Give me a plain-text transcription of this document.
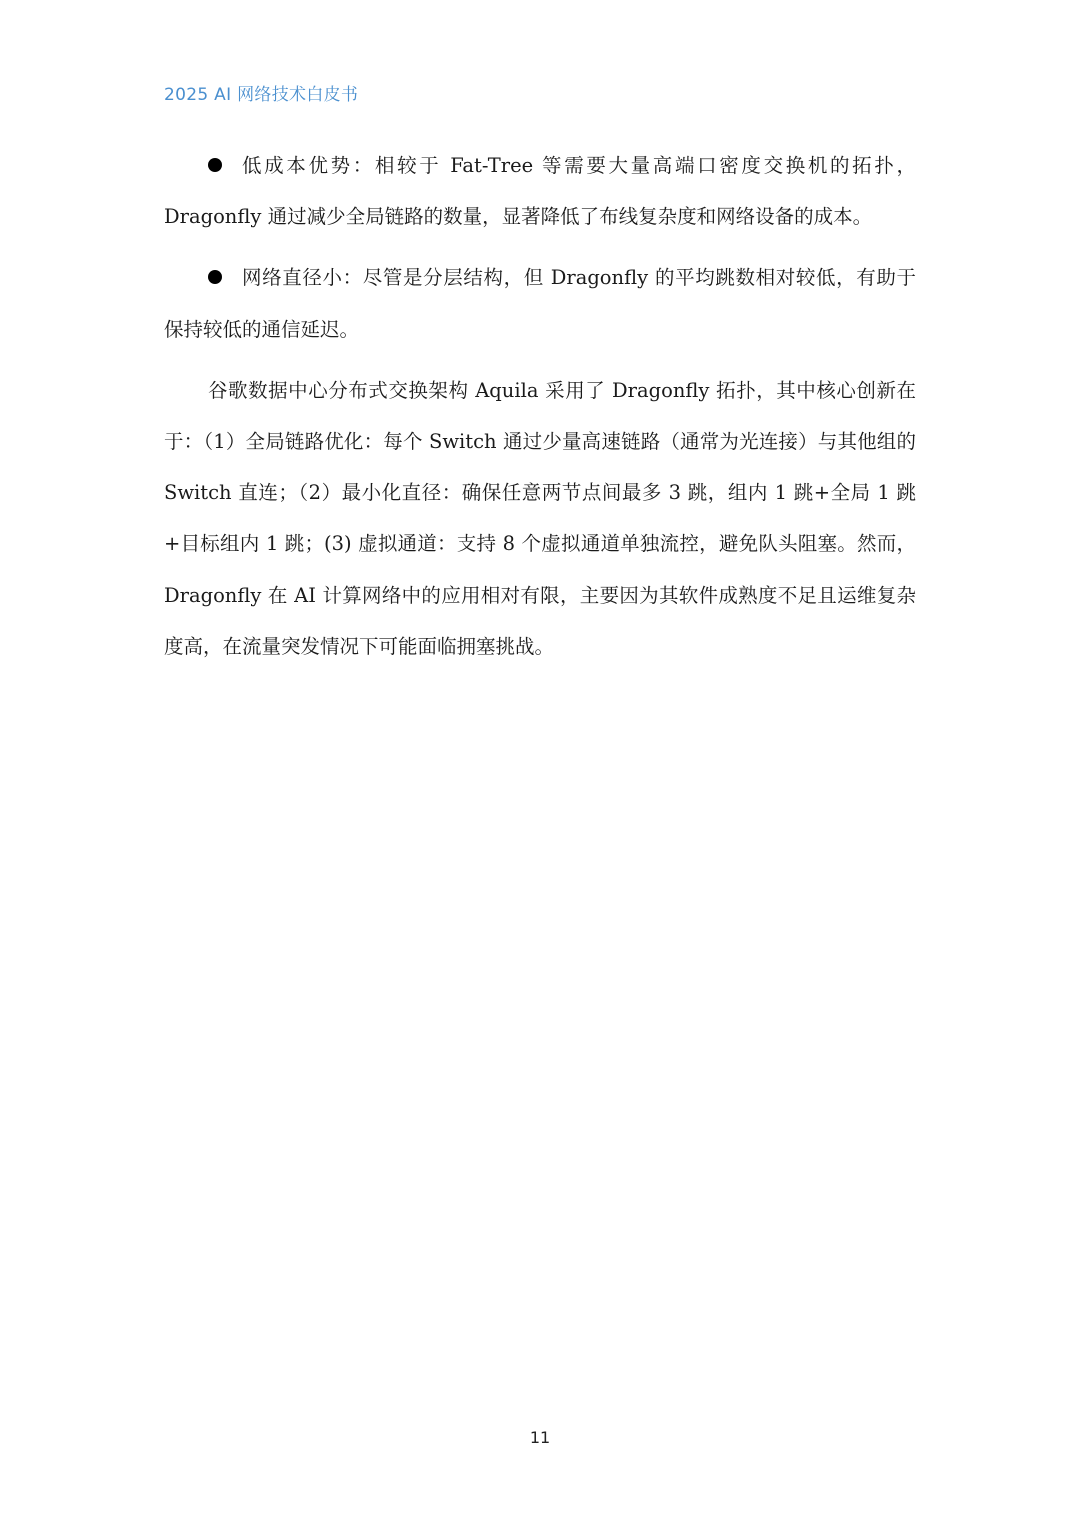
2025 AI 网络技术白皮书

低成本优势：相较于 Fat-Tree 等需要大量高端口密度交换机的拓扑，Dragonfly 通过减少全局链路的数量，显著降低了布线复杂度和网络设备的成本。

网络直径小：尽管是分层结构，但 Dragonfly 的平均跳数相对较低，有助于保持较低的通信延迟。

谷歌数据中心分布式交换架构 Aquila 采用了 Dragonfly 拓扑，其中核心创新在于：（1）全局链路优化：每个 Switch 通过少量高速链路（通常为光连接）与其他组的 Switch 直连；（2）最小化直径：确保任意两节点间最多 3 跳，组内 1 跳+全局 1 跳+目标组内 1 跳；(3) 虚拟通道：支持 8 个虚拟通道单独流控，避免队头阻塞。然而，Dragonfly 在 AI 计算网络中的应用相对有限，主要因为其软件成熟度不足且运维复杂度高，在流量突发情况下可能面临拥塞挑战。

11
